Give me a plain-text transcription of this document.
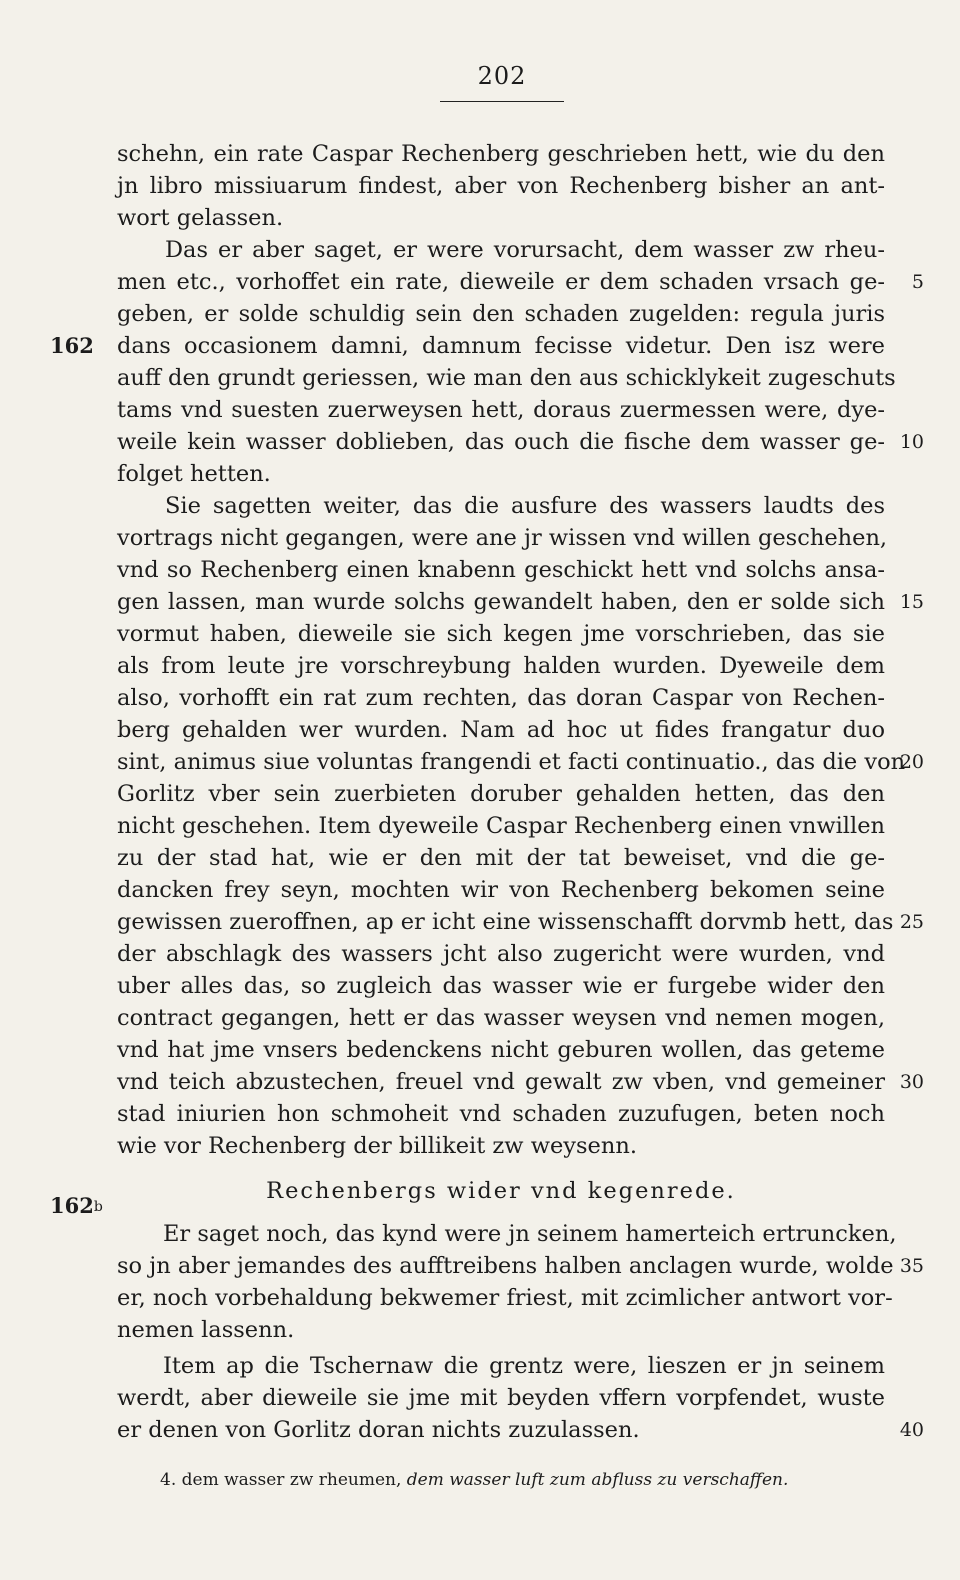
202
schehn, ein rate Caspar Rechenberg geschrieben hett, wie du den
jn libro missiuarum findest, aber von Rechenberg bisher an ant-
wort gelassen.
Das er aber saget, er were vorursacht, dem wasser zw rheu-
men etc., vorhoffet ein rate, dieweile er dem schaden vrsach ge-
geben, er solde schuldig sein den schaden zugelden: regula juris
dans occasionem damni, damnum fecisse videtur. Den isz were
auff den grundt geriessen, wie man den aus schicklykeit zugeschuts
tams vnd suesten zuerweysen hett, doraus zuermessen were, dye-
weile kein wasser doblieben, das ouch die fische dem wasser ge-
folget hetten.
Sie sagetten weiter, das die ausfure des wassers laudts des
vortrags nicht gegangen, were ane jr wissen vnd willen geschehen,
vnd so Rechenberg einen knabenn geschickt hett vnd solchs ansa-
gen lassen, man wurde solchs gewandelt haben, den er solde sich
vormut haben, dieweile sie sich kegen jme vorschrieben, das sie
als from leute jre vorschreybung halden wurden. Dyeweile dem
also, vorhofft ein rat zum rechten, das doran Caspar von Rechen-
berg gehalden wer wurden. Nam ad hoc ut fides frangatur duo
sint, animus siue voluntas frangendi et facti continuatio., das die von
Gorlitz vber sein zuerbieten doruber gehalden hetten, das den
nicht geschehen. Item dyeweile Caspar Rechenberg einen vnwillen
zu der stad hat, wie er den mit der tat beweiset, vnd die ge-
dancken frey seyn, mochten wir von Rechenberg bekomen seine
gewissen zueroffnen, ap er icht eine wissenschafft dorvmb hett, das
der abschlagk des wassers jcht also zugericht were wurden, vnd
uber alles das, so zugleich das wasser wie er furgebe wider den
contract gegangen, hett er das wasser weysen vnd nemen mogen,
vnd hat jme vnsers bedenckens nicht geburen wollen, das geteme
vnd teich abzustechen, freuel vnd gewalt zw vben, vnd gemeiner
stad iniurien hon schmoheit vnd schaden zuzufugen, beten noch
wie vor Rechenberg der billikeit zw weysenn.
Rechenbergs wider vnd kegenrede.
Er saget noch, das kynd were jn seinem hamerteich ertruncken,
so jn aber jemandes des aufftreibens halben anclagen wurde, wolde
er, noch vorbehaldung bekwemer friest, mit zcimlicher antwort vor-
nemen lassenn.
Item ap die Tschernaw die grentz were, lieszen er jn seinem
werdt, aber dieweile sie jme mit beyden vffern vorpfendet, wuste
er denen von Gorlitz doran nichts zuzulassen.
162
162$^b$
5
10
15
20
25
30
35
40
4. dem wasser zw rheumen, dem wasser luft zum abfluss zu verschaffen.
